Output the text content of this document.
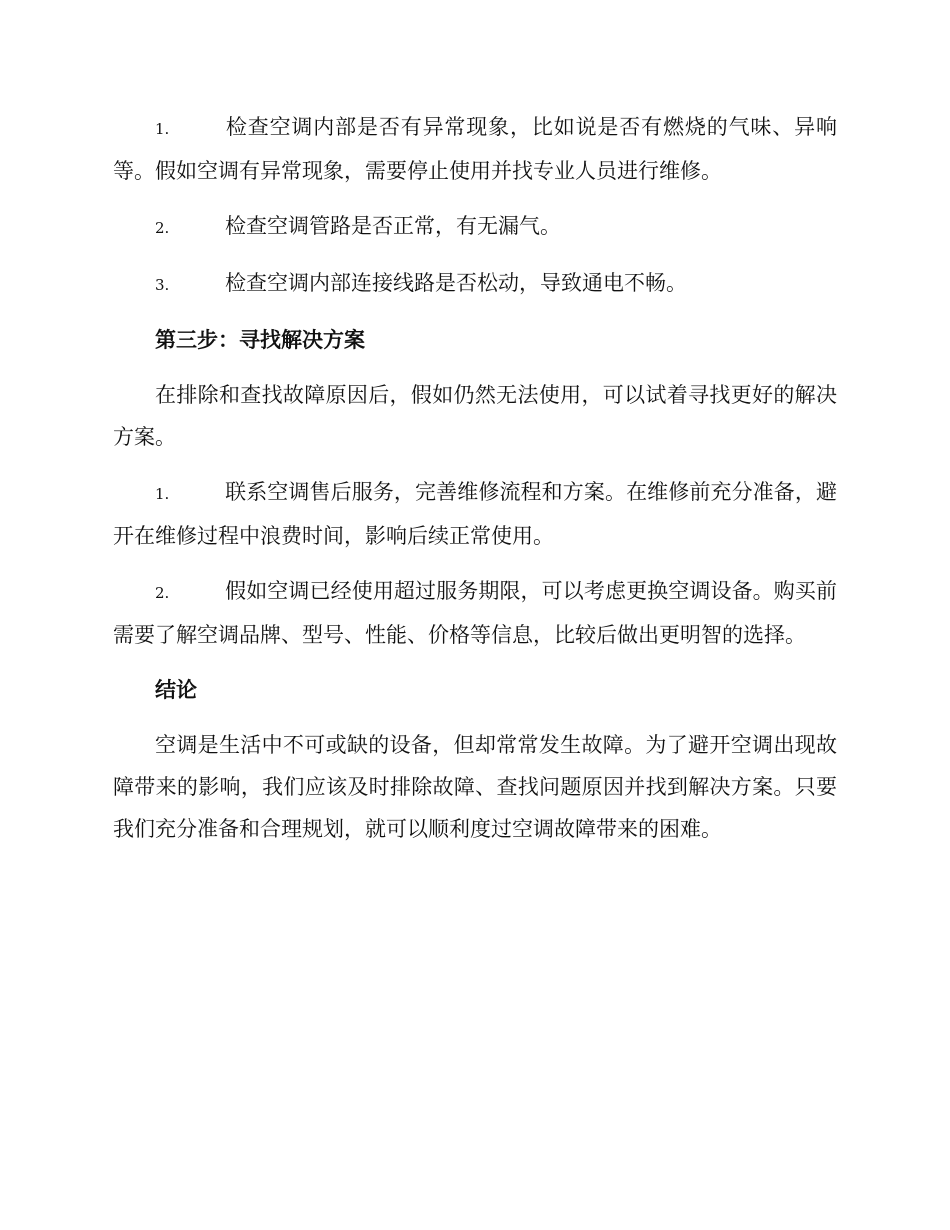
1.	检查空调内部是否有异常现象，比如说是否有燃烧的气味、异响等。假如空调有异常现象，需要停止使用并找专业人员进行维修。

2.	检查空调管路是否正常，有无漏气。

3.	检查空调内部连接线路是否松动，导致通电不畅。

第三步：寻找解决方案

在排除和查找故障原因后，假如仍然无法使用，可以试着寻找更好的解决方案。

1.	联系空调售后服务，完善维修流程和方案。在维修前充分准备，避开在维修过程中浪费时间，影响后续正常使用。

2.	假如空调已经使用超过服务期限，可以考虑更换空调设备。购买前需要了解空调品牌、型号、性能、价格等信息，比较后做出更明智的选择。

结论

空调是生活中不可或缺的设备，但却常常发生故障。为了避开空调出现故障带来的影响，我们应该及时排除故障、查找问题原因并找到解决方案。只要我们充分准备和合理规划，就可以顺利度过空调故障带来的困难。
